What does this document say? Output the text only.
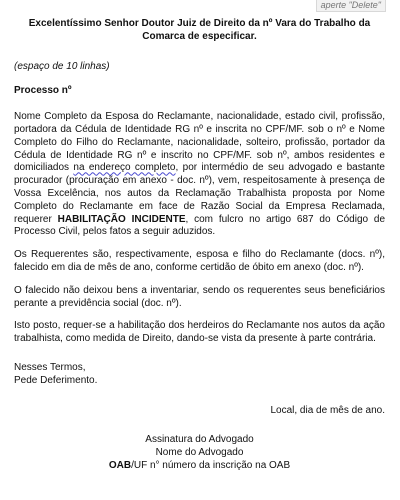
aperte "Delete"

Excelentíssimo Senhor Doutor Juiz de Direito da nº Vara do Trabalho da Comarca de especificar.

(espaço de 10 linhas)

Processo nº

Nome Completo da Esposa do Reclamante, nacionalidade, estado civil, profissão, portadora da Cédula de Identidade RG nº e inscrita no CPF/MF. sob o nº e Nome Completo do Filho do Reclamante, nacionalidade, solteiro, profissão, portador da Cédula de Identidade RG nº e inscrito no CPF/MF. sob nº, ambos residentes e domiciliados na endereço completo, por intermédio de seu advogado e bastante procurador (procuração em anexo - doc. nº), vem, respeitosamente à presença de Vossa Excelência, nos autos da Reclamação Trabalhista proposta por Nome Completo do Reclamante em face de Razão Social da Empresa Reclamada, requerer HABILITAÇÃO INCIDENTE, com fulcro no artigo 687 do Código de Processo Civil, pelos fatos a seguir aduzidos.

Os Requerentes são, respectivamente, esposa e filho do Reclamante (docs. nº), falecido em dia de mês de ano, conforme certidão de óbito em anexo (doc. nº).

O falecido não deixou bens a inventariar, sendo os requerentes seus beneficiários perante a previdência social (doc. nº).

Isto posto, requer-se a habilitação dos herdeiros do Reclamante nos autos da ação trabalhista, como medida de Direito, dando-se vista da presente à parte contrária.

Nesses Termos,
Pede Deferimento.
Local, dia de mês de ano.
Assinatura do Advogado
Nome do Advogado
OAB/UF n° número da inscrição na OAB
